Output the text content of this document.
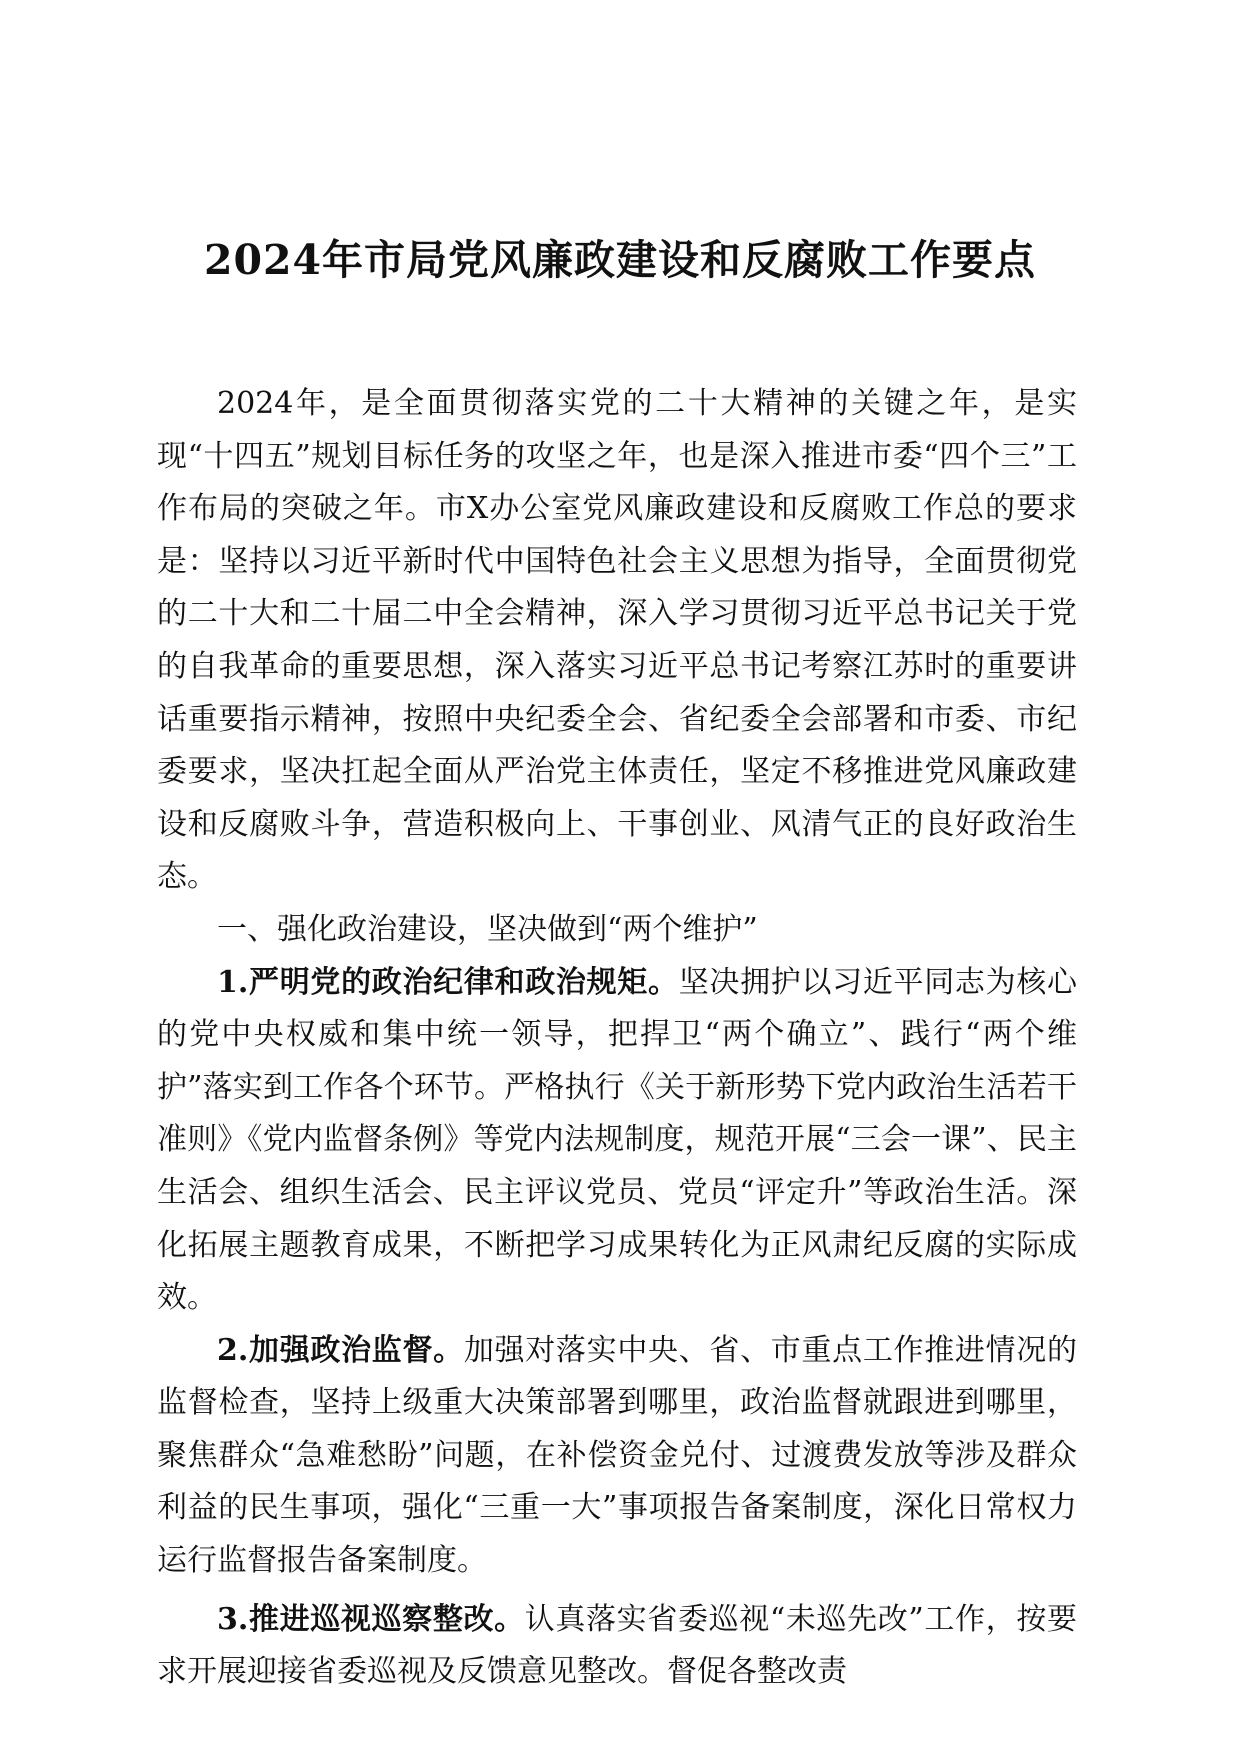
2024年市局党风廉政建设和反腐败工作要点

2024年，是全面贯彻落实党的二十大精神的关键之年，是实现“十四五”规划目标任务的攻坚之年，也是深入推进市委“四个三”工作布局的突破之年。市X办公室党风廉政建设和反腐败工作总的要求是：坚持以习近平新时代中国特色社会主义思想为指导，全面贯彻党的二十大和二十届二中全会精神，深入学习贯彻习近平总书记关于党的自我革命的重要思想，深入落实习近平总书记考察江苏时的重要讲话重要指示精神，按照中央纪委全会、省纪委全会部署和市委、市纪委要求，坚决扛起全面从严治党主体责任，坚定不移推进党风廉政建设和反腐败斗争，营造积极向上、干事创业、风清气正的良好政治生态。

一、强化政治建设，坚决做到“两个维护”

1.严明党的政治纪律和政治规矩。坚决拥护以习近平同志为核心的党中央权威和集中统一领导，把捍卫“两个确立”、践行“两个维护”落实到工作各个环节。严格执行《关于新形势下党内政治生活若干准则》《党内监督条例》等党内法规制度，规范开展“三会一课”、民主生活会、组织生活会、民主评议党员、党员“评定升”等政治生活。深化拓展主题教育成果，不断把学习成果转化为正风肃纪反腐的实际成效。

2.加强政治监督。加强对落实中央、省、市重点工作推进情况的监督检查，坚持上级重大决策部署到哪里，政治监督就跟进到哪里，聚焦群众“急难愁盼”问题，在补偿资金兑付、过渡费发放等涉及群众利益的民生事项，强化“三重一大”事项报告备案制度，深化日常权力运行监督报告备案制度。

3.推进巡视巡察整改。认真落实省委巡视“未巡先改”工作，按要求开展迎接省委巡视及反馈意见整改。督促各整改责
